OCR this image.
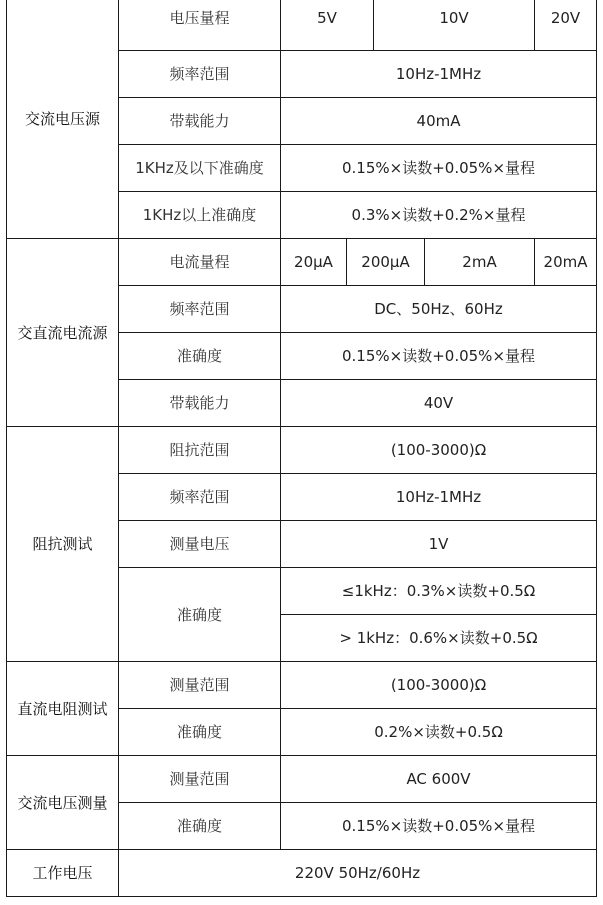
交流电压源	电压量程	5V		10V		20V
	频率范围	10Hz-1MHz				
	带载能力	40mA				
	1KHz及以下准确度	0.15%×读数+0.05%×量程				
	1KHz以上准确度	0.3%×读数+0.2%×量程				
交直流电流源	电流量程	20μA	200μA		2mA	20mA
	频率范围	DC、50Hz、60Hz				
	准确度	0.15%×读数+0.05%×量程				
	带载能力	40V				
阻抗测试	阻抗范围	(100-3000)Ω				
	频率范围	10Hz-1MHz				
	测量电压	1V				
	准确度	≤1kHz：0.3%×读数+0.5Ω				
		> 1kHz：0.6%×读数+0.5Ω				
直流电阻测试	测量范围	(100-3000)Ω				
	准确度	0.2%×读数+0.5Ω				
交流电压测量	测量范围	AC 600V				
	准确度	0.15%×读数+0.05%×量程				
工作电压	220V 50Hz/60Hz					
